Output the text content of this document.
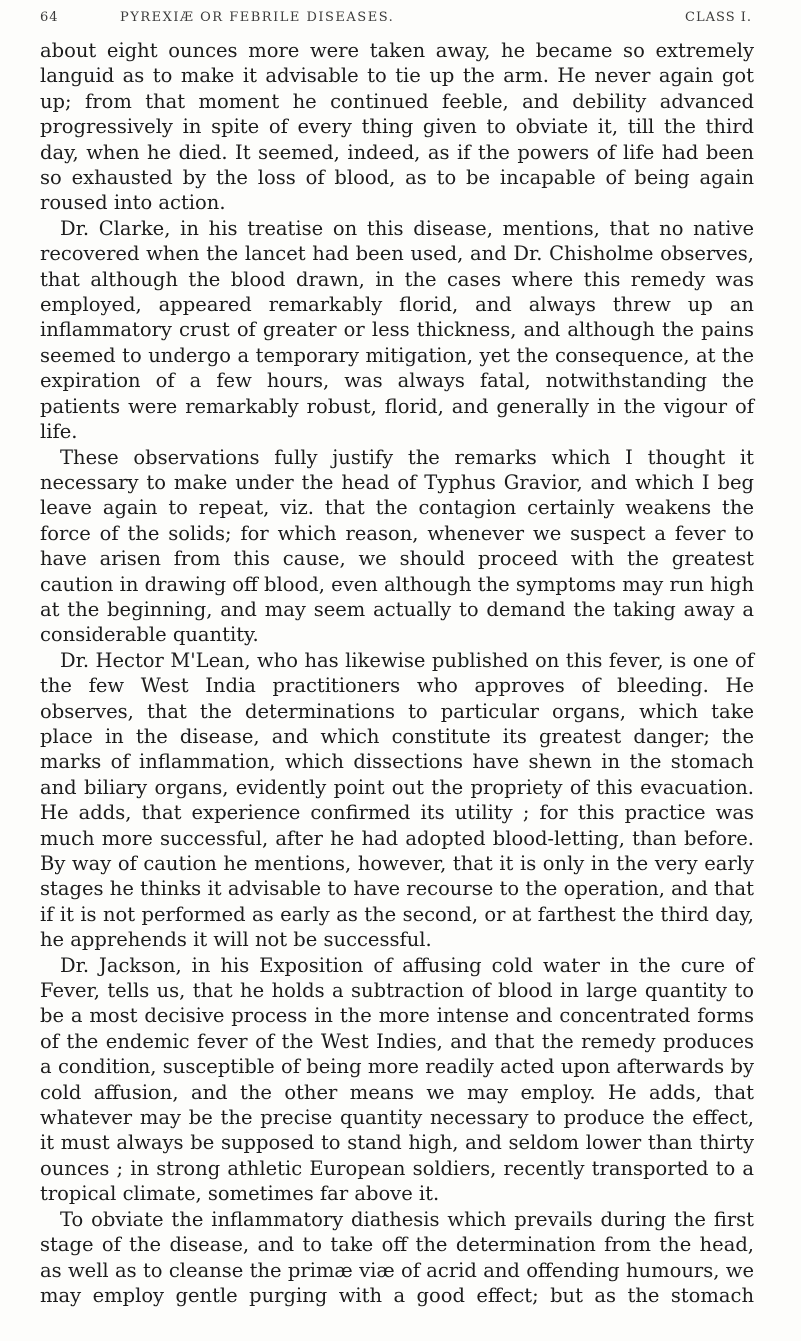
64	PYREXIÆ OR FEBRILE DISEASES.	CLASS I.

about eight ounces more were taken away, he became so extremely languid as to make it advisable to tie up the arm. He never again got up; from that moment he continued feeble, and debility advanced progressively in spite of every thing given to obviate it, till the third day, when he died. It seemed, indeed, as if the powers of life had been so exhausted by the loss of blood, as to be incapable of being again roused into action.

Dr. Clarke, in his treatise on this disease, mentions, that no native recovered when the lancet had been used, and Dr. Chisholme observes, that although the blood drawn, in the cases where this remedy was employed, appeared remarkably florid, and always threw up an inflammatory crust of greater or less thickness, and although the pains seemed to undergo a temporary mitigation, yet the consequence, at the expiration of a few hours, was always fatal, notwithstanding the patients were remarkably robust, florid, and generally in the vigour of life.

These observations fully justify the remarks which I thought it necessary to make under the head of Typhus Gravior, and which I beg leave again to repeat, viz. that the contagion certainly weakens the force of the solids; for which reason, whenever we suspect a fever to have arisen from this cause, we should proceed with the greatest caution in drawing off blood, even although the symptoms may run high at the beginning, and may seem actually to demand the taking away a considerable quantity.

Dr. Hector M'Lean, who has likewise published on this fever, is one of the few West India practitioners who approves of bleeding. He observes, that the determinations to particular organs, which take place in the disease, and which constitute its greatest danger; the marks of inflammation, which dissections have shewn in the stomach and biliary organs, evidently point out the propriety of this evacuation. He adds, that experience confirmed its utility ; for this practice was much more successful, after he had adopted blood-letting, than before. By way of caution he mentions, however, that it is only in the very early stages he thinks it advisable to have recourse to the operation, and that if it is not performed as early as the second, or at farthest the third day, he apprehends it will not be successful.

Dr. Jackson, in his Exposition of affusing cold water in the cure of Fever, tells us, that he holds a subtraction of blood in large quantity to be a most decisive process in the more intense and concentrated forms of the endemic fever of the West Indies, and that the remedy produces a condition, susceptible of being more readily acted upon afterwards by cold affusion, and the other means we may employ. He adds, that whatever may be the precise quantity necessary to produce the effect, it must always be supposed to stand high, and seldom lower than thirty ounces ; in strong athletic European soldiers, recently transported to a tropical climate, sometimes far above it.

To obviate the inflammatory diathesis which prevails during the first stage of the disease, and to take off the determination from the head, as well as to cleanse the primæ viæ of acrid and offending humours, we may employ gentle purging with a good effect; but as the stomach
